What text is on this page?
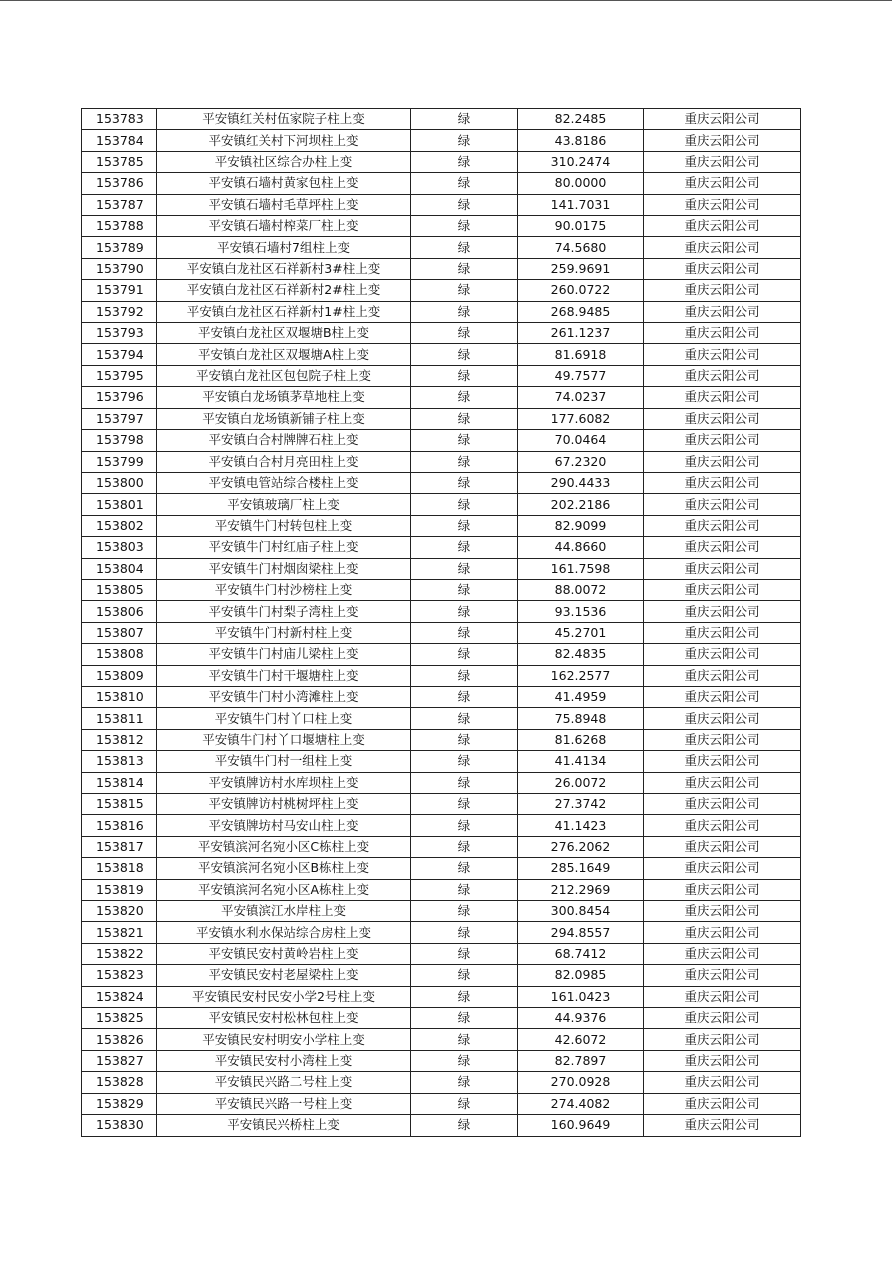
153783	平安镇红关村伍家院子柱上变	绿	82.2485	重庆云阳公司
153784	平安镇红关村下河坝柱上变	绿	43.8186	重庆云阳公司
153785	平安镇社区综合办柱上变	绿	310.2474	重庆云阳公司
153786	平安镇石墙村黄家包柱上变	绿	80.0000	重庆云阳公司
153787	平安镇石墙村毛草坪柱上变	绿	141.7031	重庆云阳公司
153788	平安镇石墙村榨菜厂柱上变	绿	90.0175	重庆云阳公司
153789	平安镇石墙村7组柱上变	绿	74.5680	重庆云阳公司
153790	平安镇白龙社区石祥新村3#柱上变	绿	259.9691	重庆云阳公司
153791	平安镇白龙社区石祥新村2#柱上变	绿	260.0722	重庆云阳公司
153792	平安镇白龙社区石祥新村1#柱上变	绿	268.9485	重庆云阳公司
153793	平安镇白龙社区双堰塘B柱上变	绿	261.1237	重庆云阳公司
153794	平安镇白龙社区双堰塘A柱上变	绿	81.6918	重庆云阳公司
153795	平安镇白龙社区包包院子柱上变	绿	49.7577	重庆云阳公司
153796	平安镇白龙场镇茅草地柱上变	绿	74.0237	重庆云阳公司
153797	平安镇白龙场镇新铺子柱上变	绿	177.6082	重庆云阳公司
153798	平安镇白合村牌牌石柱上变	绿	70.0464	重庆云阳公司
153799	平安镇白合村月亮田柱上变	绿	67.2320	重庆云阳公司
153800	平安镇电管站综合楼柱上变	绿	290.4433	重庆云阳公司
153801	平安镇玻璃厂柱上变	绿	202.2186	重庆云阳公司
153802	平安镇牛门村转包柱上变	绿	82.9099	重庆云阳公司
153803	平安镇牛门村红庙子柱上变	绿	44.8660	重庆云阳公司
153804	平安镇牛门村烟囱梁柱上变	绿	161.7598	重庆云阳公司
153805	平安镇牛门村沙榜柱上变	绿	88.0072	重庆云阳公司
153806	平安镇牛门村梨子湾柱上变	绿	93.1536	重庆云阳公司
153807	平安镇牛门村新村柱上变	绿	45.2701	重庆云阳公司
153808	平安镇牛门村庙儿梁柱上变	绿	82.4835	重庆云阳公司
153809	平安镇牛门村干堰塘柱上变	绿	162.2577	重庆云阳公司
153810	平安镇牛门村小湾滩柱上变	绿	41.4959	重庆云阳公司
153811	平安镇牛门村丫口柱上变	绿	75.8948	重庆云阳公司
153812	平安镇牛门村丫口堰塘柱上变	绿	81.6268	重庆云阳公司
153813	平安镇牛门村一组柱上变	绿	41.4134	重庆云阳公司
153814	平安镇牌访村水库坝柱上变	绿	26.0072	重庆云阳公司
153815	平安镇牌访村桃树坪柱上变	绿	27.3742	重庆云阳公司
153816	平安镇牌坊村马安山柱上变	绿	41.1423	重庆云阳公司
153817	平安镇滨河名宛小区C栋柱上变	绿	276.2062	重庆云阳公司
153818	平安镇滨河名宛小区B栋柱上变	绿	285.1649	重庆云阳公司
153819	平安镇滨河名宛小区A栋柱上变	绿	212.2969	重庆云阳公司
153820	平安镇滨江水岸柱上变	绿	300.8454	重庆云阳公司
153821	平安镇水利水保站综合房柱上变	绿	294.8557	重庆云阳公司
153822	平安镇民安村黄岭岩柱上变	绿	68.7412	重庆云阳公司
153823	平安镇民安村老屋梁柱上变	绿	82.0985	重庆云阳公司
153824	平安镇民安村民安小学2号柱上变	绿	161.0423	重庆云阳公司
153825	平安镇民安村松林包柱上变	绿	44.9376	重庆云阳公司
153826	平安镇民安村明安小学柱上变	绿	42.6072	重庆云阳公司
153827	平安镇民安村小湾柱上变	绿	82.7897	重庆云阳公司
153828	平安镇民兴路二号柱上变	绿	270.0928	重庆云阳公司
153829	平安镇民兴路一号柱上变	绿	274.4082	重庆云阳公司
153830	平安镇民兴桥柱上变	绿	160.9649	重庆云阳公司
